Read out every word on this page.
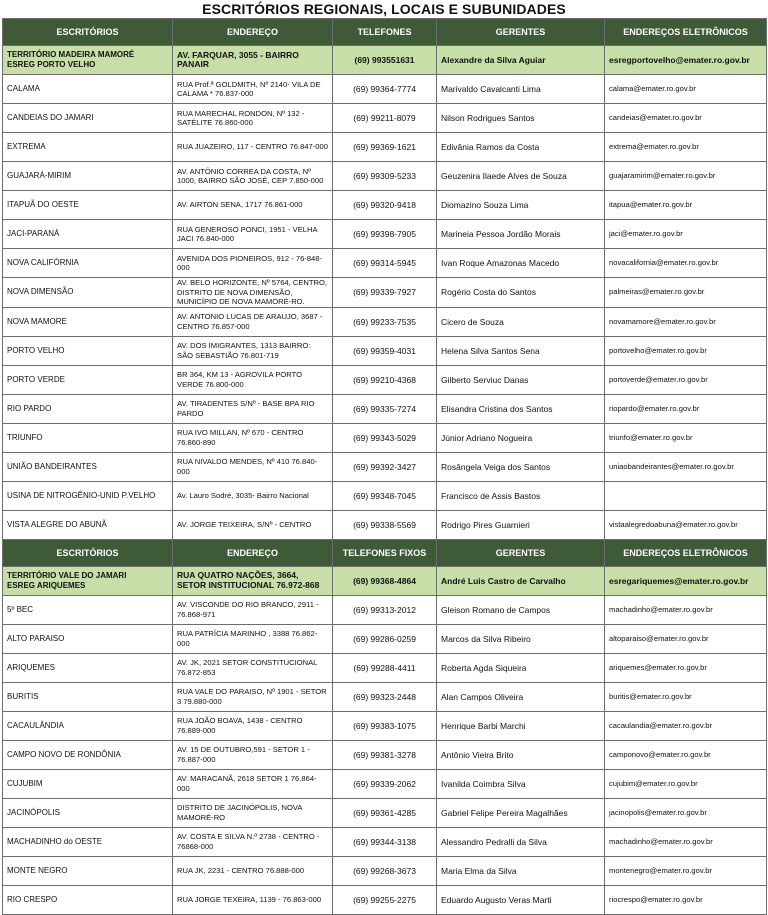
ESCRITÓRIOS REGIONAIS, LOCAIS E SUBUNIDADES
ESCRITÓRIOS	ENDEREÇO	TELEFONES	GERENTES	ENDEREÇOS ELETRÔNICOS

TERRITÓRIO MADEIRA MAMORÉ
ESREG PORTO VELHO	AV. FARQUAR, 3055 - BAIRRO PANAIR	(69) 993551631	Alexandre da Silva Aguiar	esregportovelho@emater.ro.gov.br
CALAMA	RUA Prof.ª GOLDMITH, Nº 2140- VILA DE CALAMA * 76.837-000	(69) 99364-7774	Marivaldo Cavalcanti Lima	calama@emater.ro.gov.br
CANDEIAS DO JAMARI	RUA MARECHAL RONDON, Nº 132 - SATÉLITE 76.860-000	(69) 99211-8079	Nilson Rodrigues Santos	candeias@emater.ro.gov.br
EXTREMA	RUA JUAZEIRO, 117 - CENTRO 76.847-000	(69) 99369-1621	Edivânia Ramos da Costa	extrema@emater.ro.gov.br
GUAJARÁ-MIRIM	AV. ANTÔNIO CORREA DA COSTA, Nº 1000, BAIRRO SÃO JOSÉ, CEP 7.850-000	(69) 99309-5233	Geuzenira Ilaede Alves de Souza	guajaramirim@emater.ro.gov.br
ITAPUÃ DO OESTE	AV. AIRTON SENA, 1717 76.861-000	(69) 99320-9418	Diomazino Souza Lima	itapua@emater.ro.gov.br
JACI-PARANÁ	RUA GENEROSO PONCI, 1951 - VELHA JACI 76.840-000	(69) 99398-7905	Marineia Pessoa Jordão Morais	jaci@emater.ro.gov.br
NOVA CALIFÓRNIA	AVENIDA DOS PIONEIROS, 912 - 76-848-000	(69) 99314-5945	Ivan Roque Amazonas Macedo	novacalifornia@emater.ro.gov.br
NOVA DIMENSÃO	AV. BELO HORIZONTE, Nº 5764, CENTRO, DISTRITO DE NOVA DIMENSÃO, MUNICÍPIO DE NOVA MAMORÉ-RO.	(69) 99339-7927	Rogério Costa do Santos	palmeiras@emater.ro.gov.br
NOVA MAMORE	AV. ANTONIO LUCAS DE ARAUJO, 3687 - CENTRO 76.857-000	(69) 99233-7535	Cicero de Souza	novamamore@emater.ro.gov.br
PORTO VELHO	AV. DOS IMIGRANTES, 1313 BAIRRO: SÃO SEBASTIÃO 76.801-719	(69) 99359-4031	Helena Silva Santos Sena	portovelho@emater.ro.gov.br
PORTO VERDE	BR 364, KM 13 - AGROVILA PORTO VERDE 76.800-000	(69) 99210-4368	Gilberto Serviuc Danas	portoverde@emater.ro.gov.br
RIO PARDO	AV. TIRADENTES S/Nº - BASE BPA RIO PARDO	(69) 99335-7274	Elisandra Cristina dos Santos	riopardo@emater.ro.gov.br
TRIUNFO	RUA IVO MILLAN, Nº 670 - CENTRO 76.860-890	(69) 99343-5029	Júnior Adriano Nogueira	triunfo@emater.ro.gov.br
UNIÃO BANDEIRANTES	RUA NIVALDO MENDES, Nº 410 76.840-000	(69) 99392-3427	Rosângela Veiga dos Santos	uniaobandeirantes@emater.ro.gov.br
USINA DE NITROGÊNIO-UNID P.VELHO	Av. Lauro Sodré, 3035- Bairro Nacional	(69) 99348-7045	Francisco de Assis Bastos	
VISTA ALEGRE DO ABUNÃ	AV. JORGE TEIXEIRA, S/Nº - CENTRO	(69) 99338-5569	Rodrigo Pires Guarnieri	vistaalegredoabuna@emater.ro.gov.br
ESCRITÓRIOS	ENDEREÇO	TELEFONES FIXOS	GERENTES	ENDEREÇOS ELETRÔNICOS

TERRITÓRIO VALE DO JAMARI
ESREG ARIQUEMES	RUA QUATRO NAÇÕES, 3664, SETOR INSTITUCIONAL 76.972-868	(69) 99368-4864	André Luis Castro de Carvalho	esregariquemes@emater.ro.gov.br
5º BEC	AV. VISCONDE DO RIO BRANCO, 2911 - 76.868-971	(69) 99313-2012	Gleison Romano de Campos	machadinho@emater.ro.gov.br
ALTO PARAISO	RUA PATRÍCIA MARINHO , 3388 76.862-000	(69) 99286-0259	Marcos da Silva Ribeiro	altoparaiso@emater.ro.gov.br
ARIQUEMES	AV. JK, 2021 SETOR CONSTITUCIONAL 76.872-853	(69) 99288-4411	Roberta Agda Siqueira	ariquemes@emater.ro.gov.br
BURITIS	RUA VALE DO PARAISO, Nº 1901 - SETOR 3 79.880-000	(69) 99323-2448	Alan Campos Oliveira	buritis@emater.ro.gov.br
CACAULÂNDIA	RUA JOÃO BOAVA, 1438 - CENTRO 76.889-000	(69) 99383-1075	Henrique Barbi Marchi	cacaulandia@emater.ro.gov.br
CAMPO NOVO DE RONDÔNIA	AV. 15 DE OUTUBRO,591 - SETOR 1 - 76.887-000	(69) 99381-3278	Antônio Vieira Brito	camponovo@emater.ro.gov.br
CUJUBIM	AV. MARACANÃ, 2618 SETOR 1 76.864-000	(69) 99339-2062	Ivanilda Coimbra Silva	cujubim@emater.ro.gov.br
JACINÓPOLIS	DISTRITO DE JACINÓPOLIS, NOVA MAMORÉ-RO	(69) 99361-4285	Gabriel Felipe Pereira Magalhães	jacinopolis@emater.ro.gov.br
MACHADINHO do OESTE	AV. COSTA E SILVA N.º 2738 - CENTRO - 76868-000	(69) 99344-3138	Alessandro Pedralli da Silva	machadinho@emater.ro.gov.br
MONTE NEGRO	RUA JK, 2231 - CENTRO 76.888-000	(69) 99268-3673	Maria Elma da Silva	montenegro@emater.ro.gov.br
RIO CRESPO	RUA JORGE TEXEIRA, 1139 - 76.863-000	(69) 99255-2275	Eduardo Augusto Veras Marti	riocrespo@emater.ro.gov.br
